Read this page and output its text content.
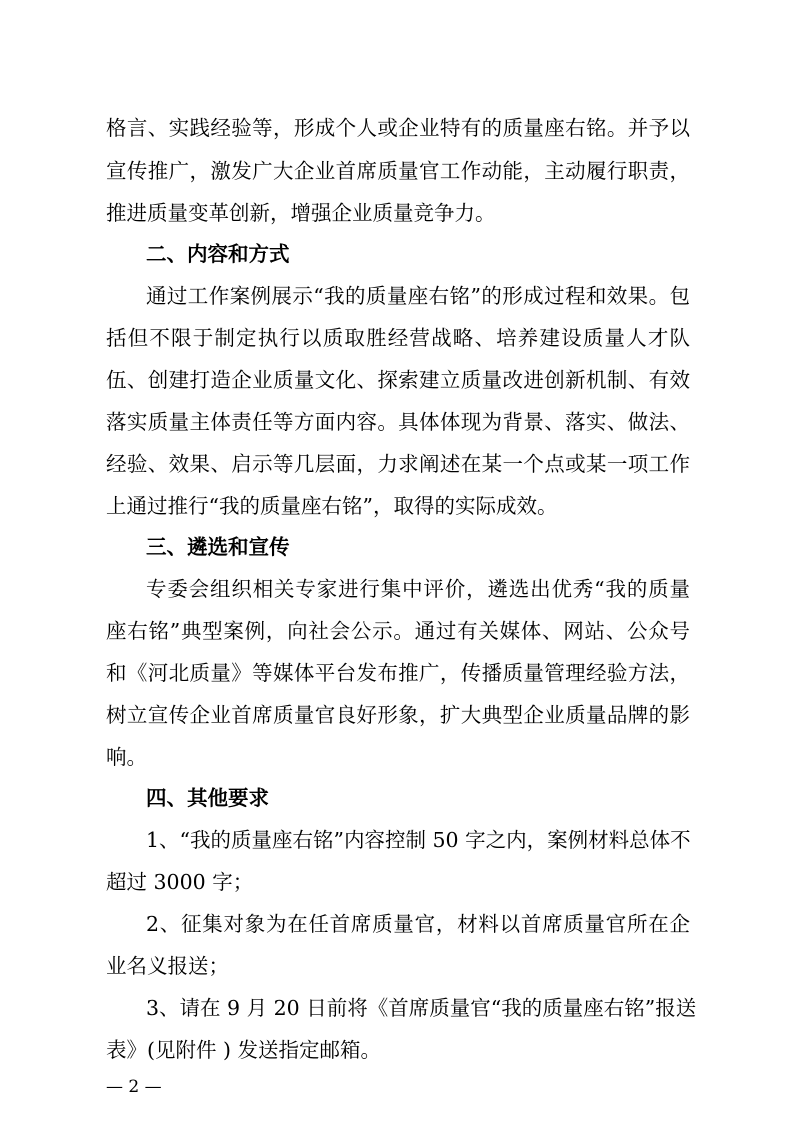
格言、实践经验等，形成个人或企业特有的质量座右铭。并予以

宣传推广，激发广大企业首席质量官工作动能，主动履行职责，

推进质量变革创新，增强企业质量竞争力。

二、内容和方式

通过工作案例展示“我的质量座右铭”的形成过程和效果。包

括但不限于制定执行以质取胜经营战略、培养建设质量人才队

伍、创建打造企业质量文化、探索建立质量改进创新机制、有效

落实质量主体责任等方面内容。具体体现为背景、落实、做法、

经验、效果、启示等几层面，力求阐述在某一个点或某一项工作

上通过推行“我的质量座右铭”，取得的实际成效。

三、遴选和宣传

专委会组织相关专家进行集中评价，遴选出优秀“我的质量

座右铭”典型案例，向社会公示。通过有关媒体、网站、公众号

和《河北质量》等媒体平台发布推广，传播质量管理经验方法，

树立宣传企业首席质量官良好形象，扩大典型企业质量品牌的影

响。

四、其他要求

1、“我的质量座右铭”内容控制 50 字之内，案例材料总体不

超过 3000 字；

2、征集对象为在任首席质量官，材料以首席质量官所在企

业名义报送；

3、请在 9 月 20 日前将《首席质量官“我的质量座右铭”报送

表》(见附件 ) 发送指定邮箱。

— 2 —
